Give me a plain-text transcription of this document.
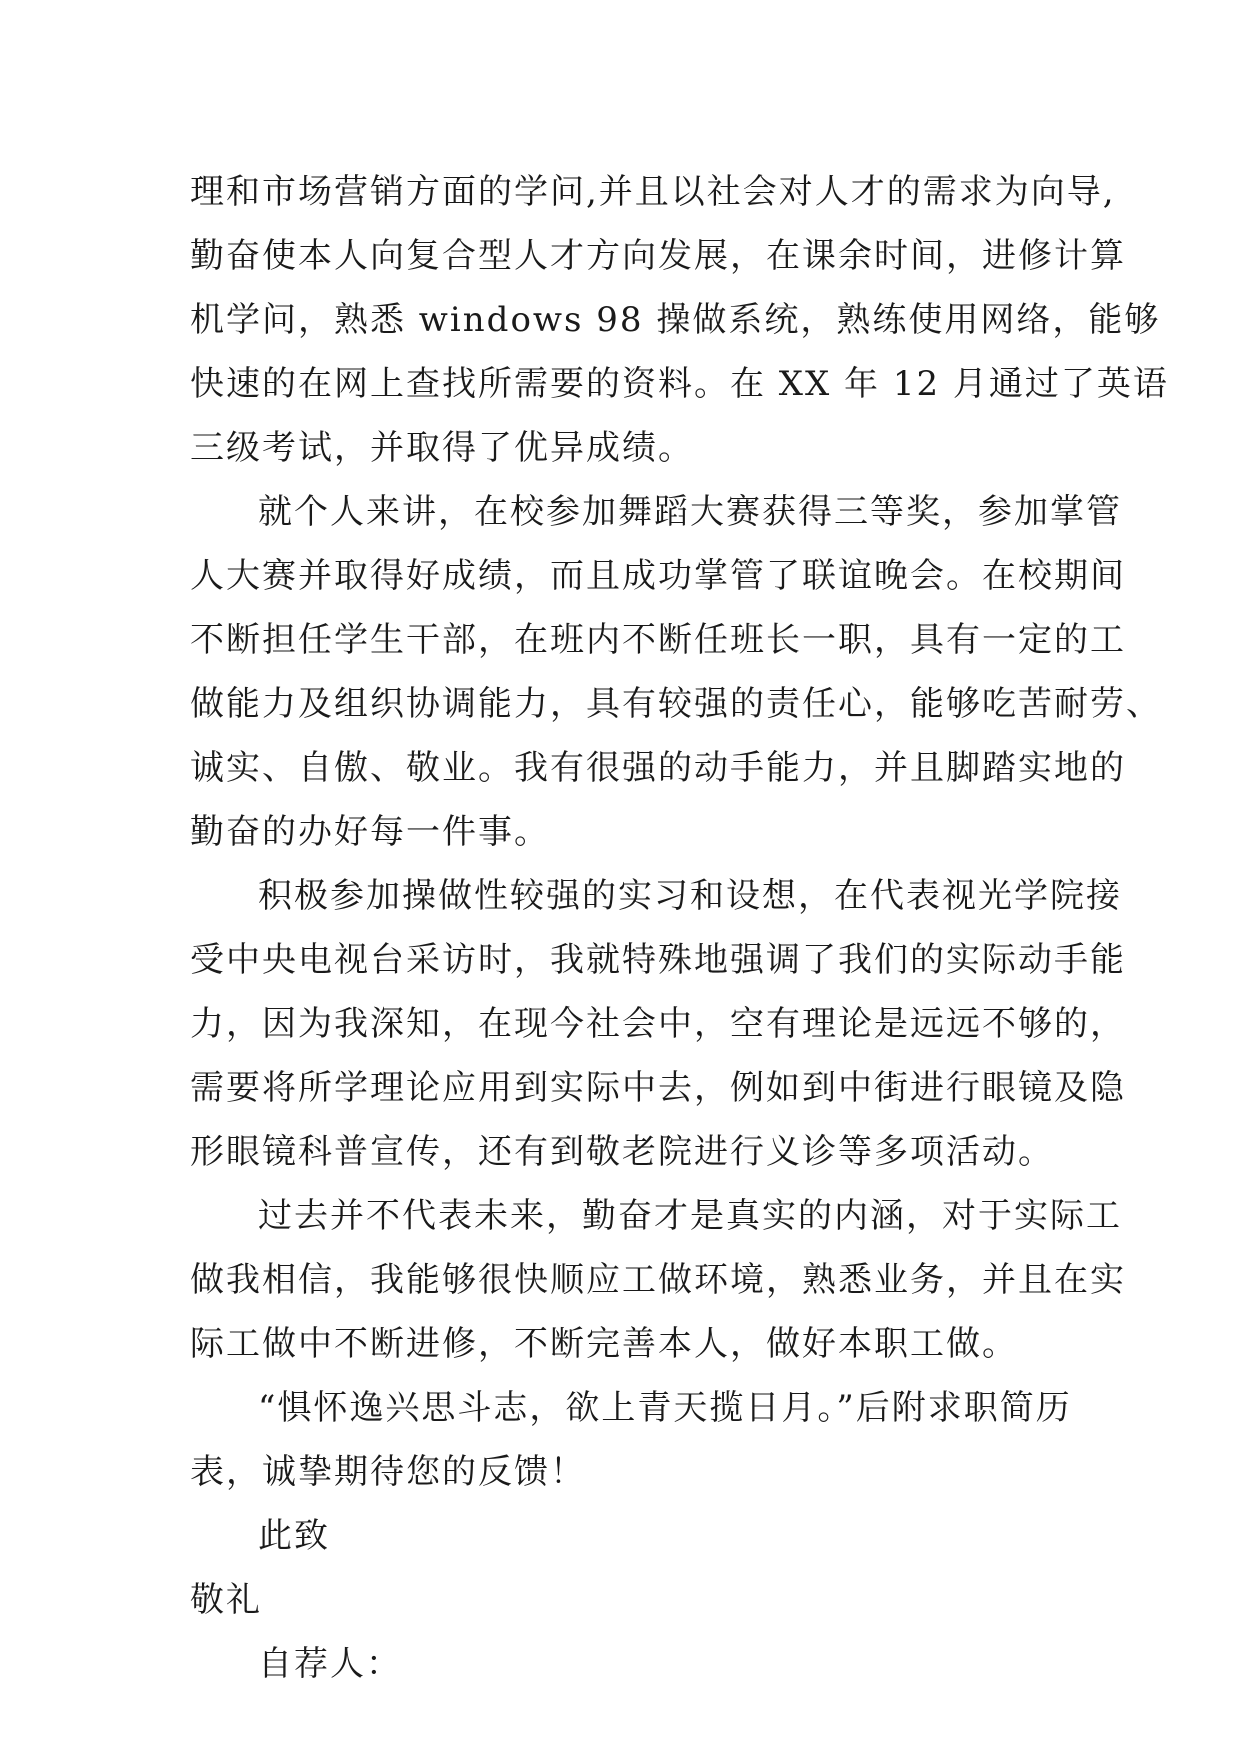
理和市场营销方面的学问,并且以社会对人才的需求为向导,
勤奋使本人向复合型人才方向发展，在课余时间，进修计算
机学问，熟悉 windows 98 操做系统，熟练使用网络，能够
快速的在网上查找所需要的资料。在 XX 年 12 月通过了英语
三级考试，并取得了优异成绩。
就个人来讲，在校参加舞蹈大赛获得三等奖，参加掌管
人大赛并取得好成绩，而且成功掌管了联谊晚会。在校期间
不断担任学生干部，在班内不断任班长一职，具有一定的工
做能力及组织协调能力，具有较强的责任心，能够吃苦耐劳、
诚实、自傲、敬业。我有很强的动手能力，并且脚踏实地的
勤奋的办好每一件事。
积极参加操做性较强的实习和设想，在代表视光学院接
受中央电视台采访时，我就特殊地强调了我们的实际动手能
力，因为我深知，在现今社会中，空有理论是远远不够的，
需要将所学理论应用到实际中去，例如到中街进行眼镜及隐
形眼镜科普宣传，还有到敬老院进行义诊等多项活动。
过去并不代表未来，勤奋才是真实的内涵，对于实际工
做我相信，我能够很快顺应工做环境，熟悉业务，并且在实
际工做中不断进修，不断完善本人，做好本职工做。
“惧怀逸兴思斗志，欲上青天揽日月。”后附求职简历
表，诚挚期待您的反馈！
此致
敬礼
自荐人：
